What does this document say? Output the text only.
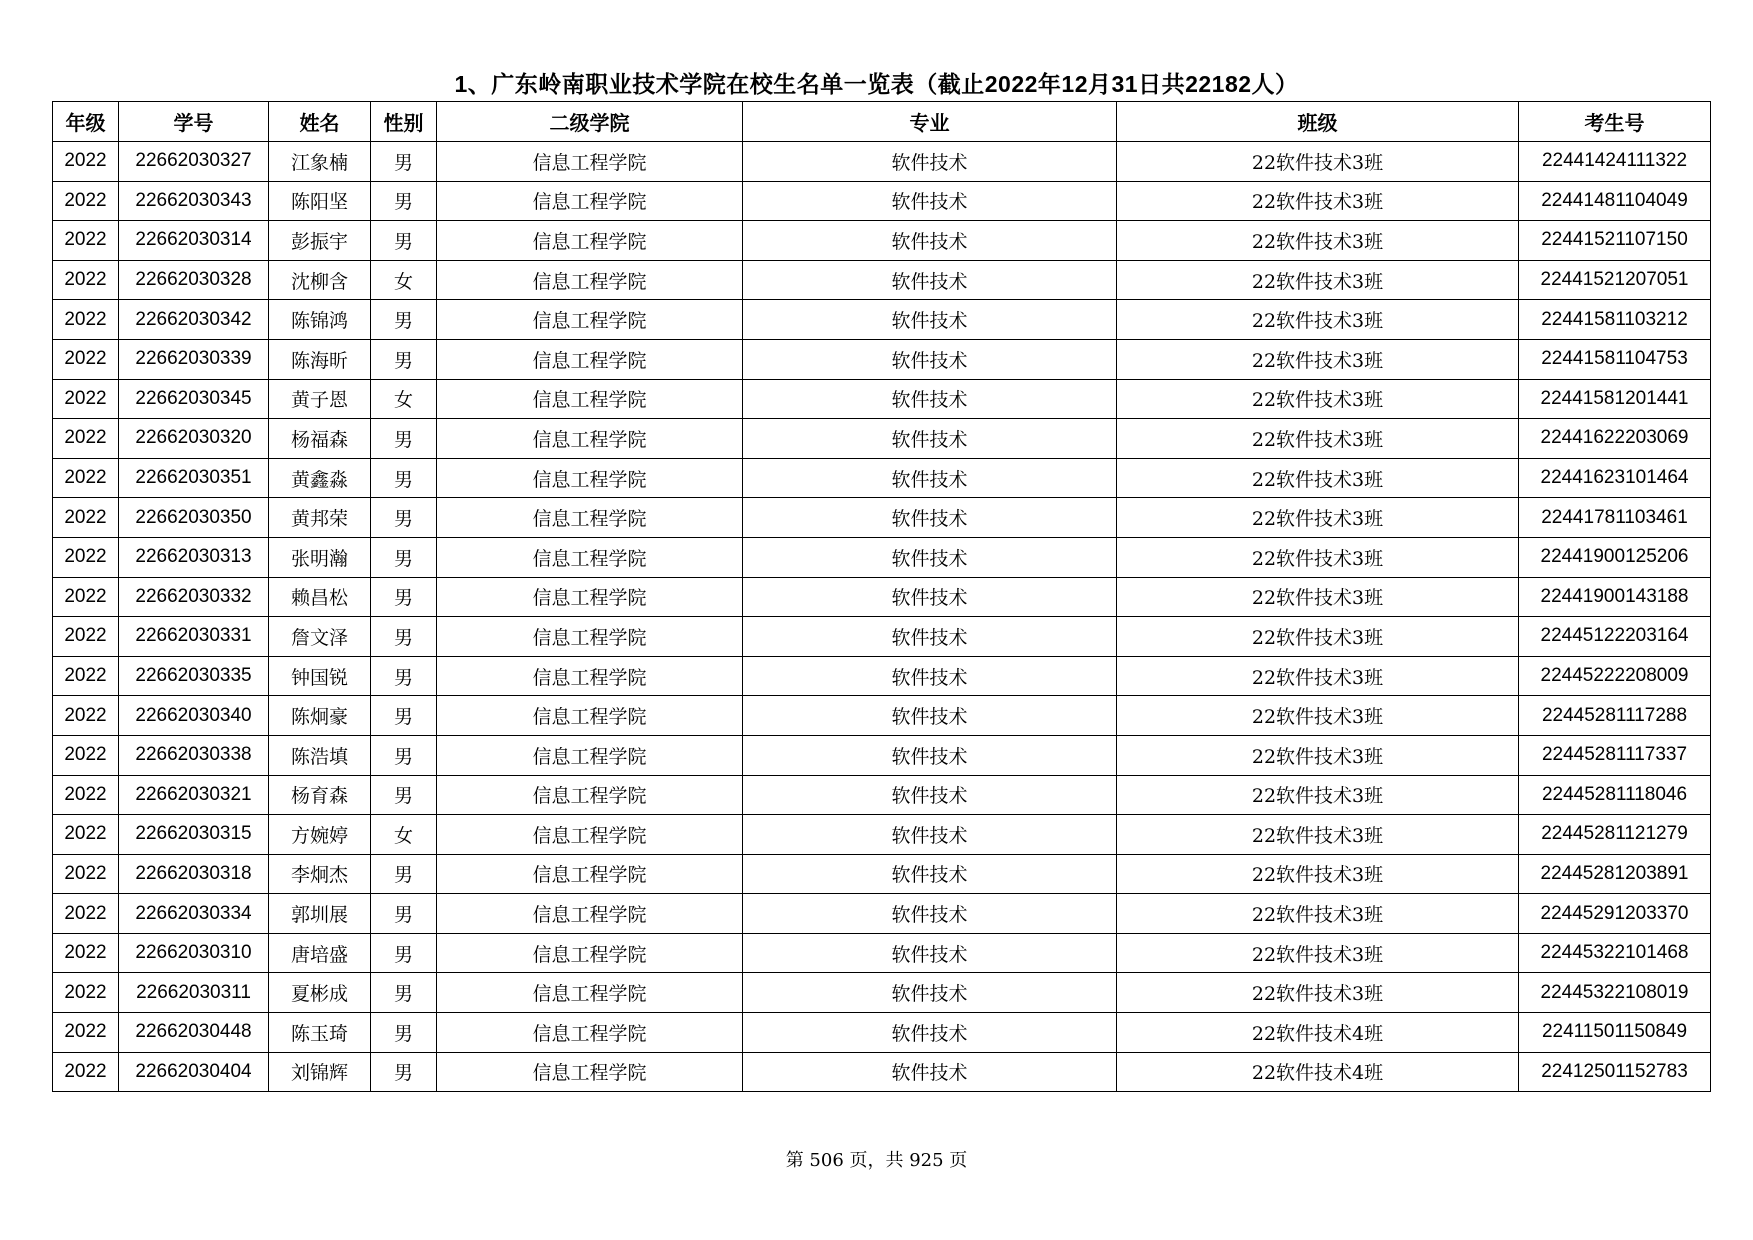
1、广东岭南职业技术学院在校生名单一览表（截止2022年12月31日共22182人）
年级	学号	姓名	性别	二级学院	专业	班级	考生号
2022	22662030327	江象楠	男	信息工程学院	软件技术	22软件技术3班	22441424111322
2022	22662030343	陈阳坚	男	信息工程学院	软件技术	22软件技术3班	22441481104049
2022	22662030314	彭振宇	男	信息工程学院	软件技术	22软件技术3班	22441521107150
2022	22662030328	沈柳含	女	信息工程学院	软件技术	22软件技术3班	22441521207051
2022	22662030342	陈锦鸿	男	信息工程学院	软件技术	22软件技术3班	22441581103212
2022	22662030339	陈海昕	男	信息工程学院	软件技术	22软件技术3班	22441581104753
2022	22662030345	黄子恩	女	信息工程学院	软件技术	22软件技术3班	22441581201441
2022	22662030320	杨福森	男	信息工程学院	软件技术	22软件技术3班	22441622203069
2022	22662030351	黄鑫淼	男	信息工程学院	软件技术	22软件技术3班	22441623101464
2022	22662030350	黄邦荣	男	信息工程学院	软件技术	22软件技术3班	22441781103461
2022	22662030313	张明瀚	男	信息工程学院	软件技术	22软件技术3班	22441900125206
2022	22662030332	赖昌松	男	信息工程学院	软件技术	22软件技术3班	22441900143188
2022	22662030331	詹文泽	男	信息工程学院	软件技术	22软件技术3班	22445122203164
2022	22662030335	钟国锐	男	信息工程学院	软件技术	22软件技术3班	22445222208009
2022	22662030340	陈炯豪	男	信息工程学院	软件技术	22软件技术3班	22445281117288
2022	22662030338	陈浩填	男	信息工程学院	软件技术	22软件技术3班	22445281117337
2022	22662030321	杨育森	男	信息工程学院	软件技术	22软件技术3班	22445281118046
2022	22662030315	方婉婷	女	信息工程学院	软件技术	22软件技术3班	22445281121279
2022	22662030318	李炯杰	男	信息工程学院	软件技术	22软件技术3班	22445281203891
2022	22662030334	郭圳展	男	信息工程学院	软件技术	22软件技术3班	22445291203370
2022	22662030310	唐培盛	男	信息工程学院	软件技术	22软件技术3班	22445322101468
2022	22662030311	夏彬成	男	信息工程学院	软件技术	22软件技术3班	22445322108019
2022	22662030448	陈玉琦	男	信息工程学院	软件技术	22软件技术4班	22411501150849
2022	22662030404	刘锦辉	男	信息工程学院	软件技术	22软件技术4班	22412501152783
第 506 页，共 925 页
